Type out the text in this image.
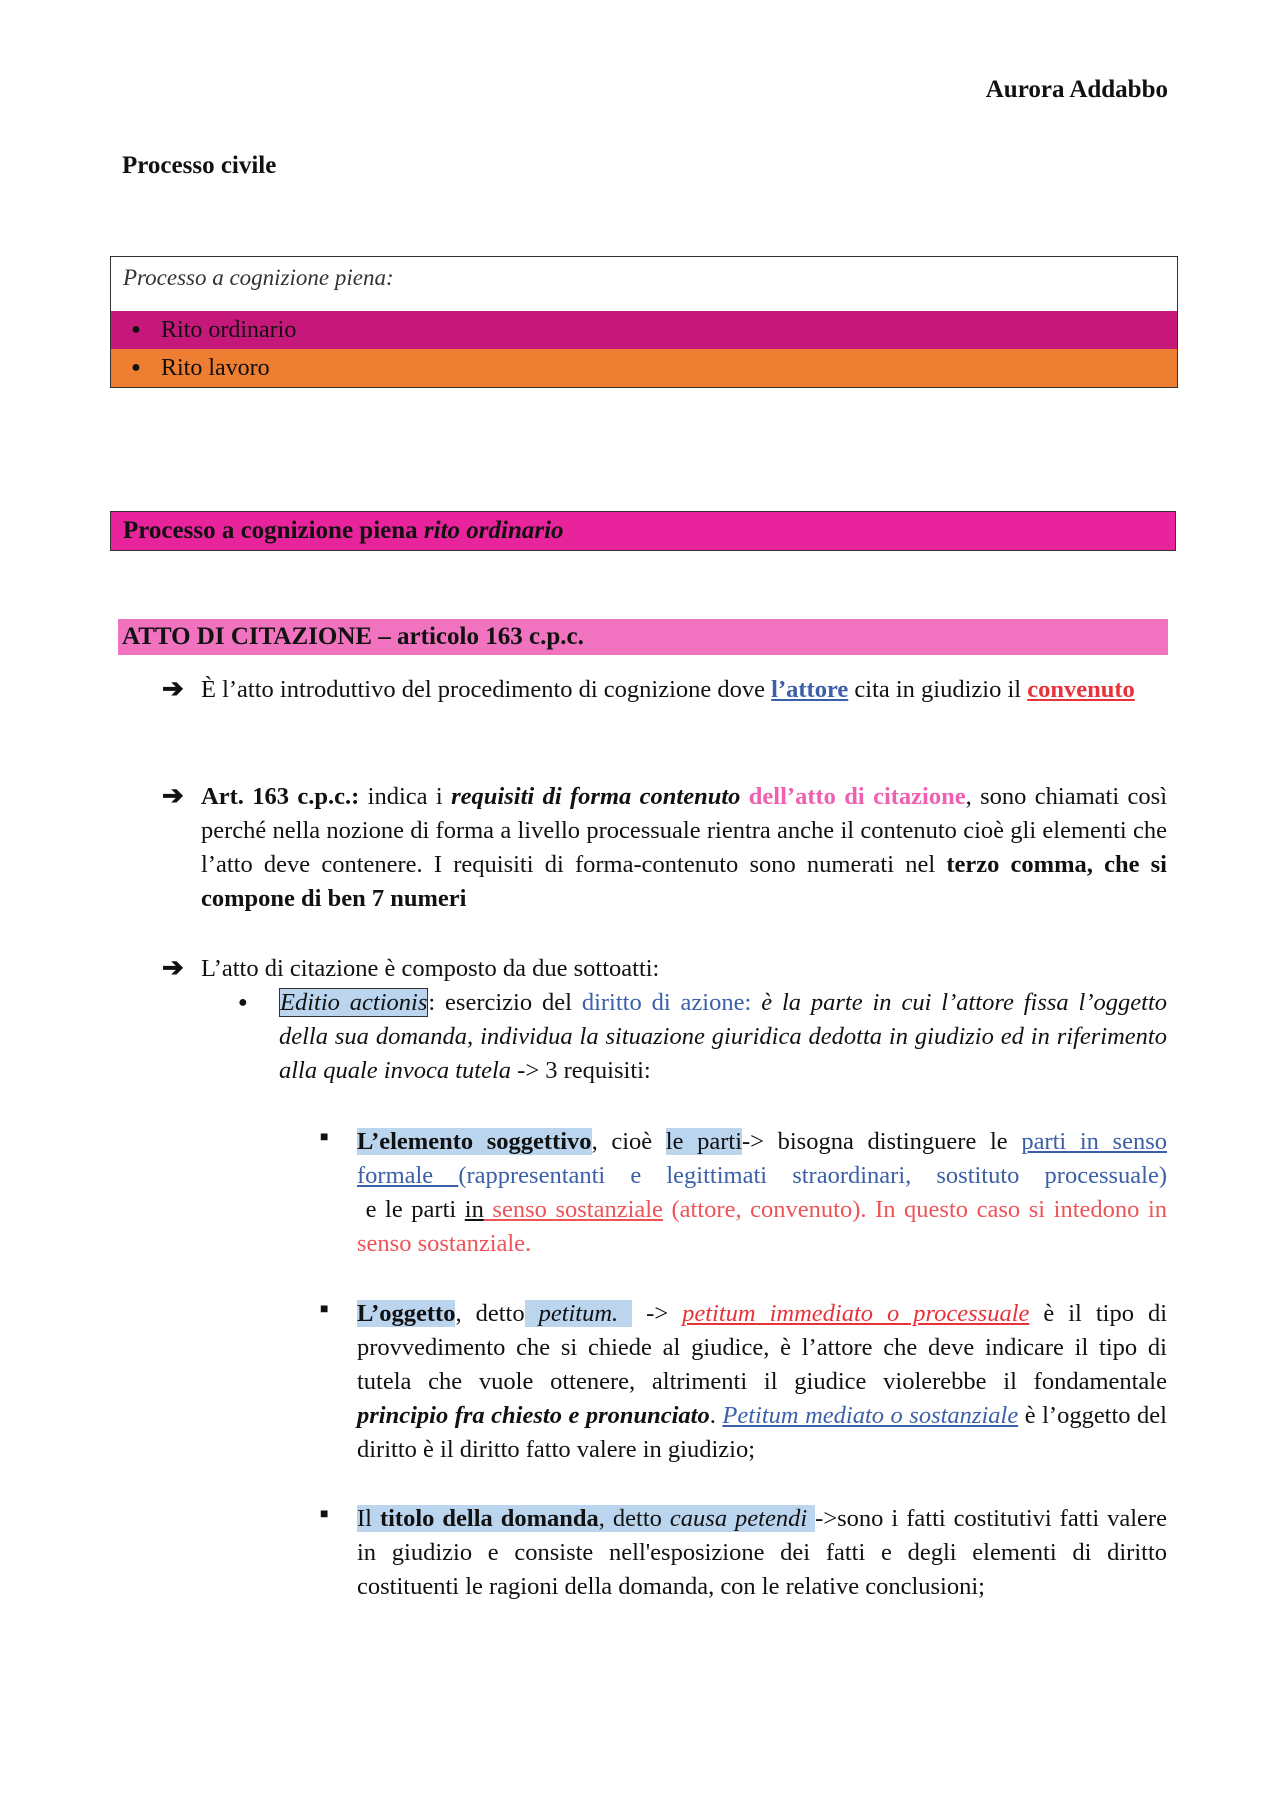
Aurora Addabbo
Processo civile
Processo a cognizione piena:
● Rito ordinario
● Rito lavoro
Processo a cognizione piena rito ordinario
ATTO DI CITAZIONE – articolo 163 c.p.c.
➔ È l’atto introduttivo del procedimento di cognizione dove l’attore cita in giudizio il convenuto
➔ Art. 163 c.p.c.: indica i requisiti di forma contenuto dell’atto di citazione, sono chiamati così perché nella nozione di forma a livello processuale rientra anche il contenuto cioè gli elementi che l’atto deve contenere. I requisiti di forma-contenuto sono numerati nel terzo comma, che si compone di ben 7 numeri
➔ L’atto di citazione è composto da due sottoatti:
● Editio actionis: esercizio del diritto di azione: è la parte in cui l’attore fissa l’oggetto della sua domanda, individua la situazione giuridica dedotta in giudizio ed in riferimento alla quale invoca tutela -> 3 requisiti:
■ L’elemento soggettivo, cioè le parti-> bisogna distinguere le parti in senso formale (rappresentanti e legittimati straordinari, sostituto processuale) e le parti in senso sostanziale (attore, convenuto). In questo caso si intedono in senso sostanziale.
■ L’oggetto, detto petitum.  -> petitum immediato o processuale è il tipo di provvedimento che si chiede al giudice, è l’attore che deve indicare il tipo di tutela che vuole ottenere, altrimenti il giudice violerebbe il fondamentale principio fra chiesto e pronunciato. Petitum mediato o sostanziale è l’oggetto del diritto è il diritto fatto valere in giudizio;
■ Il titolo della domanda, detto causa petendi ->sono i fatti costitutivi fatti valere in giudizio e consiste nell'esposizione dei fatti e degli elementi di diritto costituenti le ragioni della domanda, con le relative conclusioni;
